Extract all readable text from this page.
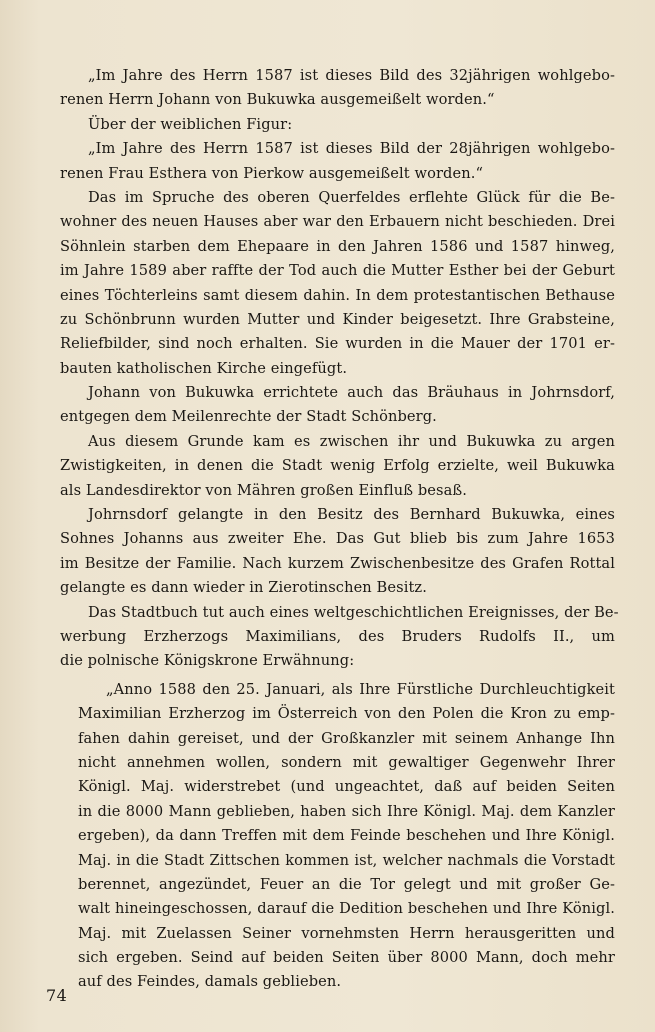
„Im Jahre des Herrn 1587 ist dieses Bild des 32jährigen wohlgebo-
renen Herrn Johann von Bukuwka ausgemeißelt worden.“
Über der weiblichen Figur:
„Im Jahre des Herrn 1587 ist dieses Bild der 28jährigen wohlgebo-
renen Frau Esthera von Pierkow ausgemeißelt worden.“
Das im Spruche des oberen Querfeldes erflehte Glück für die Be-
wohner des neuen Hauses aber war den Erbauern nicht beschieden. Drei
Söhnlein starben dem Ehepaare in den Jahren 1586 und 1587 hinweg,
im Jahre 1589 aber raffte der Tod auch die Mutter Esther bei der Geburt
eines Töchterleins samt diesem dahin. In dem protestantischen Bethause
zu Schönbrunn wurden Mutter und Kinder beigesetzt. Ihre Grabsteine,
Reliefbilder, sind noch erhalten. Sie wurden in die Mauer der 1701 er-
bauten katholischen Kirche eingefügt.
Johann von Bukuwka errichtete auch das Bräuhaus in Johrnsdorf,
entgegen dem Meilenrechte der Stadt Schönberg.
Aus diesem Grunde kam es zwischen ihr und Bukuwka zu argen
Zwistigkeiten, in denen die Stadt wenig Erfolg erzielte, weil Bukuwka
als Landesdirektor von Mähren großen Einfluß besaß.
Johrnsdorf gelangte in den Besitz des Bernhard Bukuwka, eines
Sohnes Johanns aus zweiter Ehe. Das Gut blieb bis zum Jahre 1653
im Besitze der Familie. Nach kurzem Zwischenbesitze des Grafen Rottal
gelangte es dann wieder in Zierotinschen Besitz.
Das Stadtbuch tut auch eines weltgeschichtlichen Ereignisses, der Be-
werbung Erzherzogs Maximilians, des Bruders Rudolfs II., um
die polnische Königskrone Erwähnung:
„Anno 1588 den 25. Januari, als Ihre Fürstliche Durchleuchtigkeit
Maximilian Erzherzog im Österreich von den Polen die Kron zu emp-
fahen dahin gereiset, und der Großkanzler mit seinem Anhange Ihn
nicht annehmen wollen, sondern mit gewaltiger Gegenwehr Ihrer
Königl. Maj. widerstrebet (und ungeachtet, daß auf beiden Seiten
in die 8000 Mann geblieben, haben sich Ihre Königl. Maj. dem Kanzler
ergeben), da dann Treffen mit dem Feinde beschehen und Ihre Königl.
Maj. in die Stadt Zittschen kommen ist, welcher nachmals die Vorstadt
berennet, angezündet, Feuer an die Tor gelegt und mit großer Ge-
walt hineingeschossen, darauf die Dedition beschehen und Ihre Königl.
Maj. mit Zuelassen Seiner vornehmsten Herrn herausgeritten und
sich ergeben. Seind auf beiden Seiten über 8000 Mann, doch mehr
auf des Feindes, damals geblieben.
74
